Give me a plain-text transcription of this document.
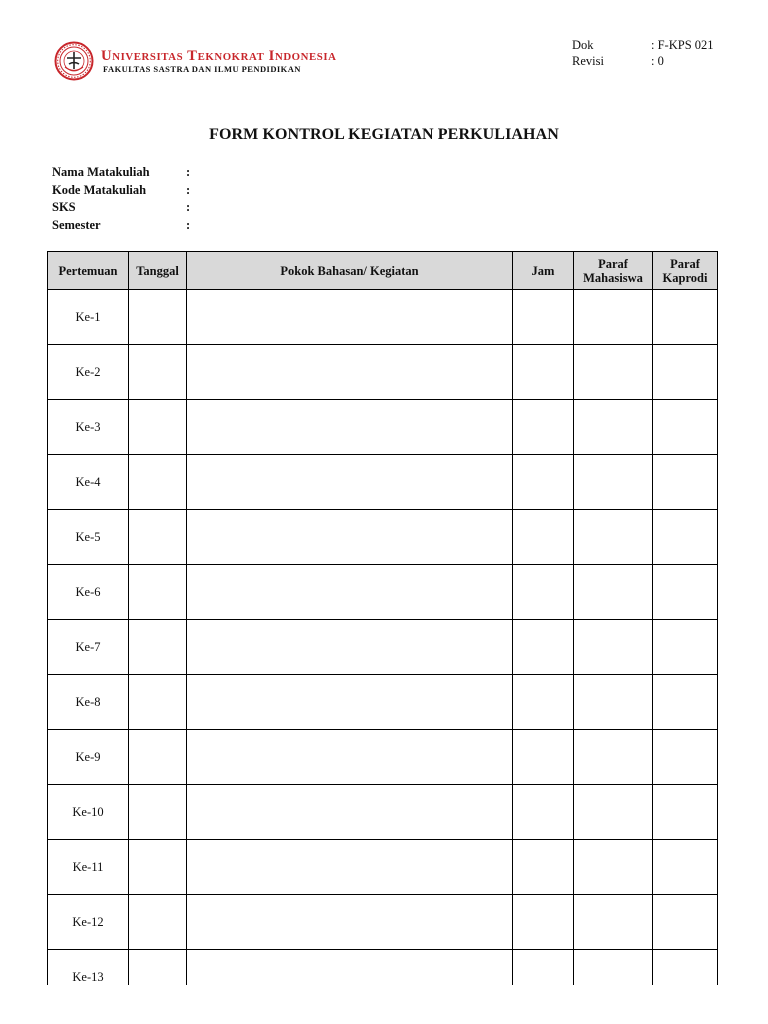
Universitas Teknokrat Indonesia
FAKULTAS SASTRA DAN ILMU PENDIDIKAN
Dok	: F-KPS 021
Revisi	: 0
FORM KONTROL KEGIATAN PERKULIAHAN
Nama Matakuliah	:
Kode Matakuliah	:
SKS	:
Semester	:
Pertemuan	Tanggal	Pokok Bahasan/ Kegiatan	Jam	Paraf Mahasiswa	Paraf Kaprodi
Ke-1					
Ke-2					
Ke-3					
Ke-4					
Ke-5					
Ke-6					
Ke-7					
Ke-8					
Ke-9					
Ke-10					
Ke-11					
Ke-12					
Ke-13					
